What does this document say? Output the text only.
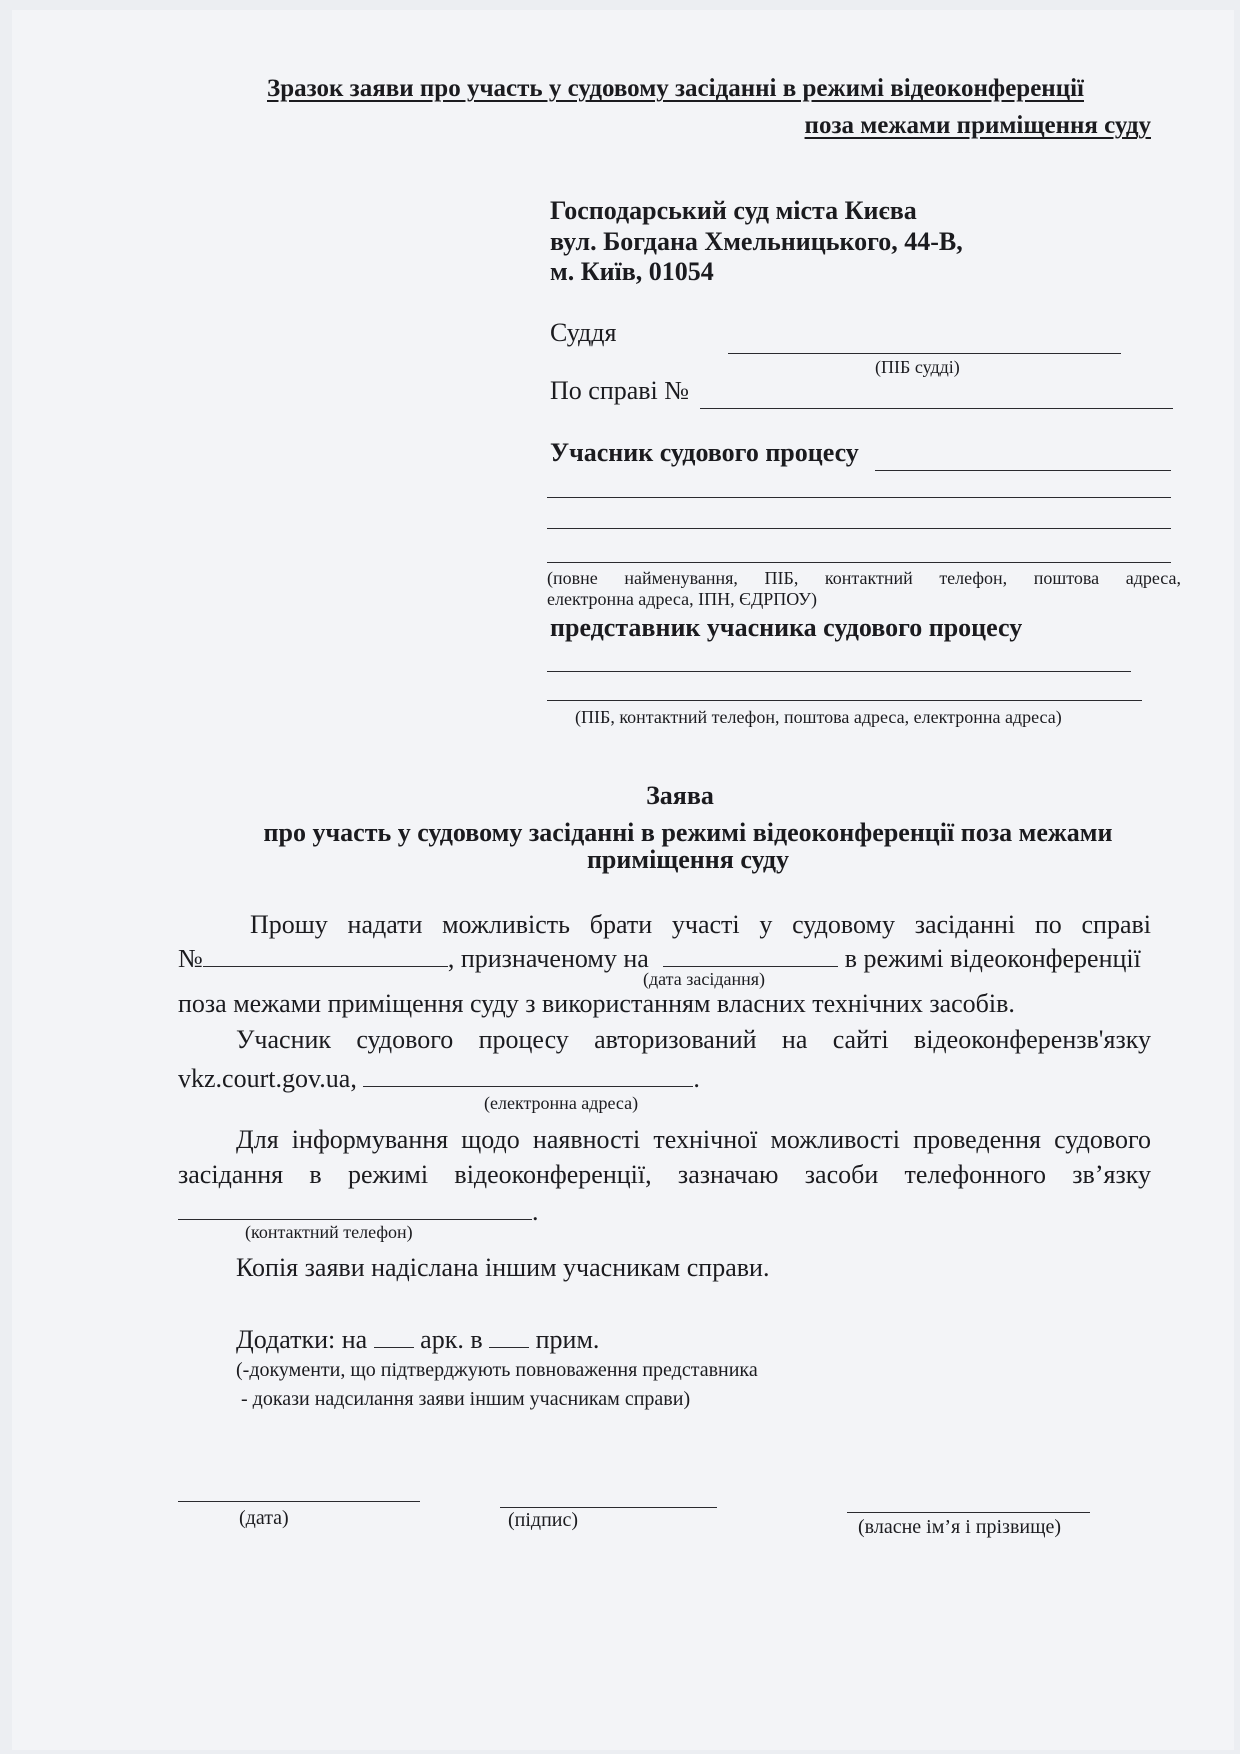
Зразок заяви про участь у судовому засіданні в режимі відеоконференції
поза межами приміщення суду
Господарський суд міста Києва
вул. Богдана Хмельницького, 44-В,
м. Київ, 01054
Суддя
(ПІБ судді)
По справі №
Учасник судового процесу
(повне найменування, ПІБ, контактний телефон, поштова адреса,
електронна адреса, ІПН, ЄДРПОУ)
представник учасника судового процесу
(ПІБ, контактний телефон, поштова адреса, електронна адреса)
Заява
про участь у судовому засіданні в режимі відеоконференції поза межами
приміщення суду
Прошу надати можливість брати участі у судовому засіданні по справі
№	, призначеному на	в режимі відеоконференції
(дата засідання)
поза межами приміщення суду з використанням власних технічних засобів.
Учасник судового процесу авторизований на сайті відеоконферензв'язку
vkz.court.gov.ua,	.
(електронна адреса)
Для інформування щодо наявності технічної можливості проведення судового
засідання в режимі відеоконференції, зазначаю засоби телефонного зв’язку
.
(контактний телефон)
Копія заяви надіслана іншим учасникам справи.
Додатки: на арк. в прим.
(-документи, що підтверджують повноваження представника
- докази надсилання заяви іншим учасникам справи)
(дата)	(підпис)	(власне ім’я і прізвище)
